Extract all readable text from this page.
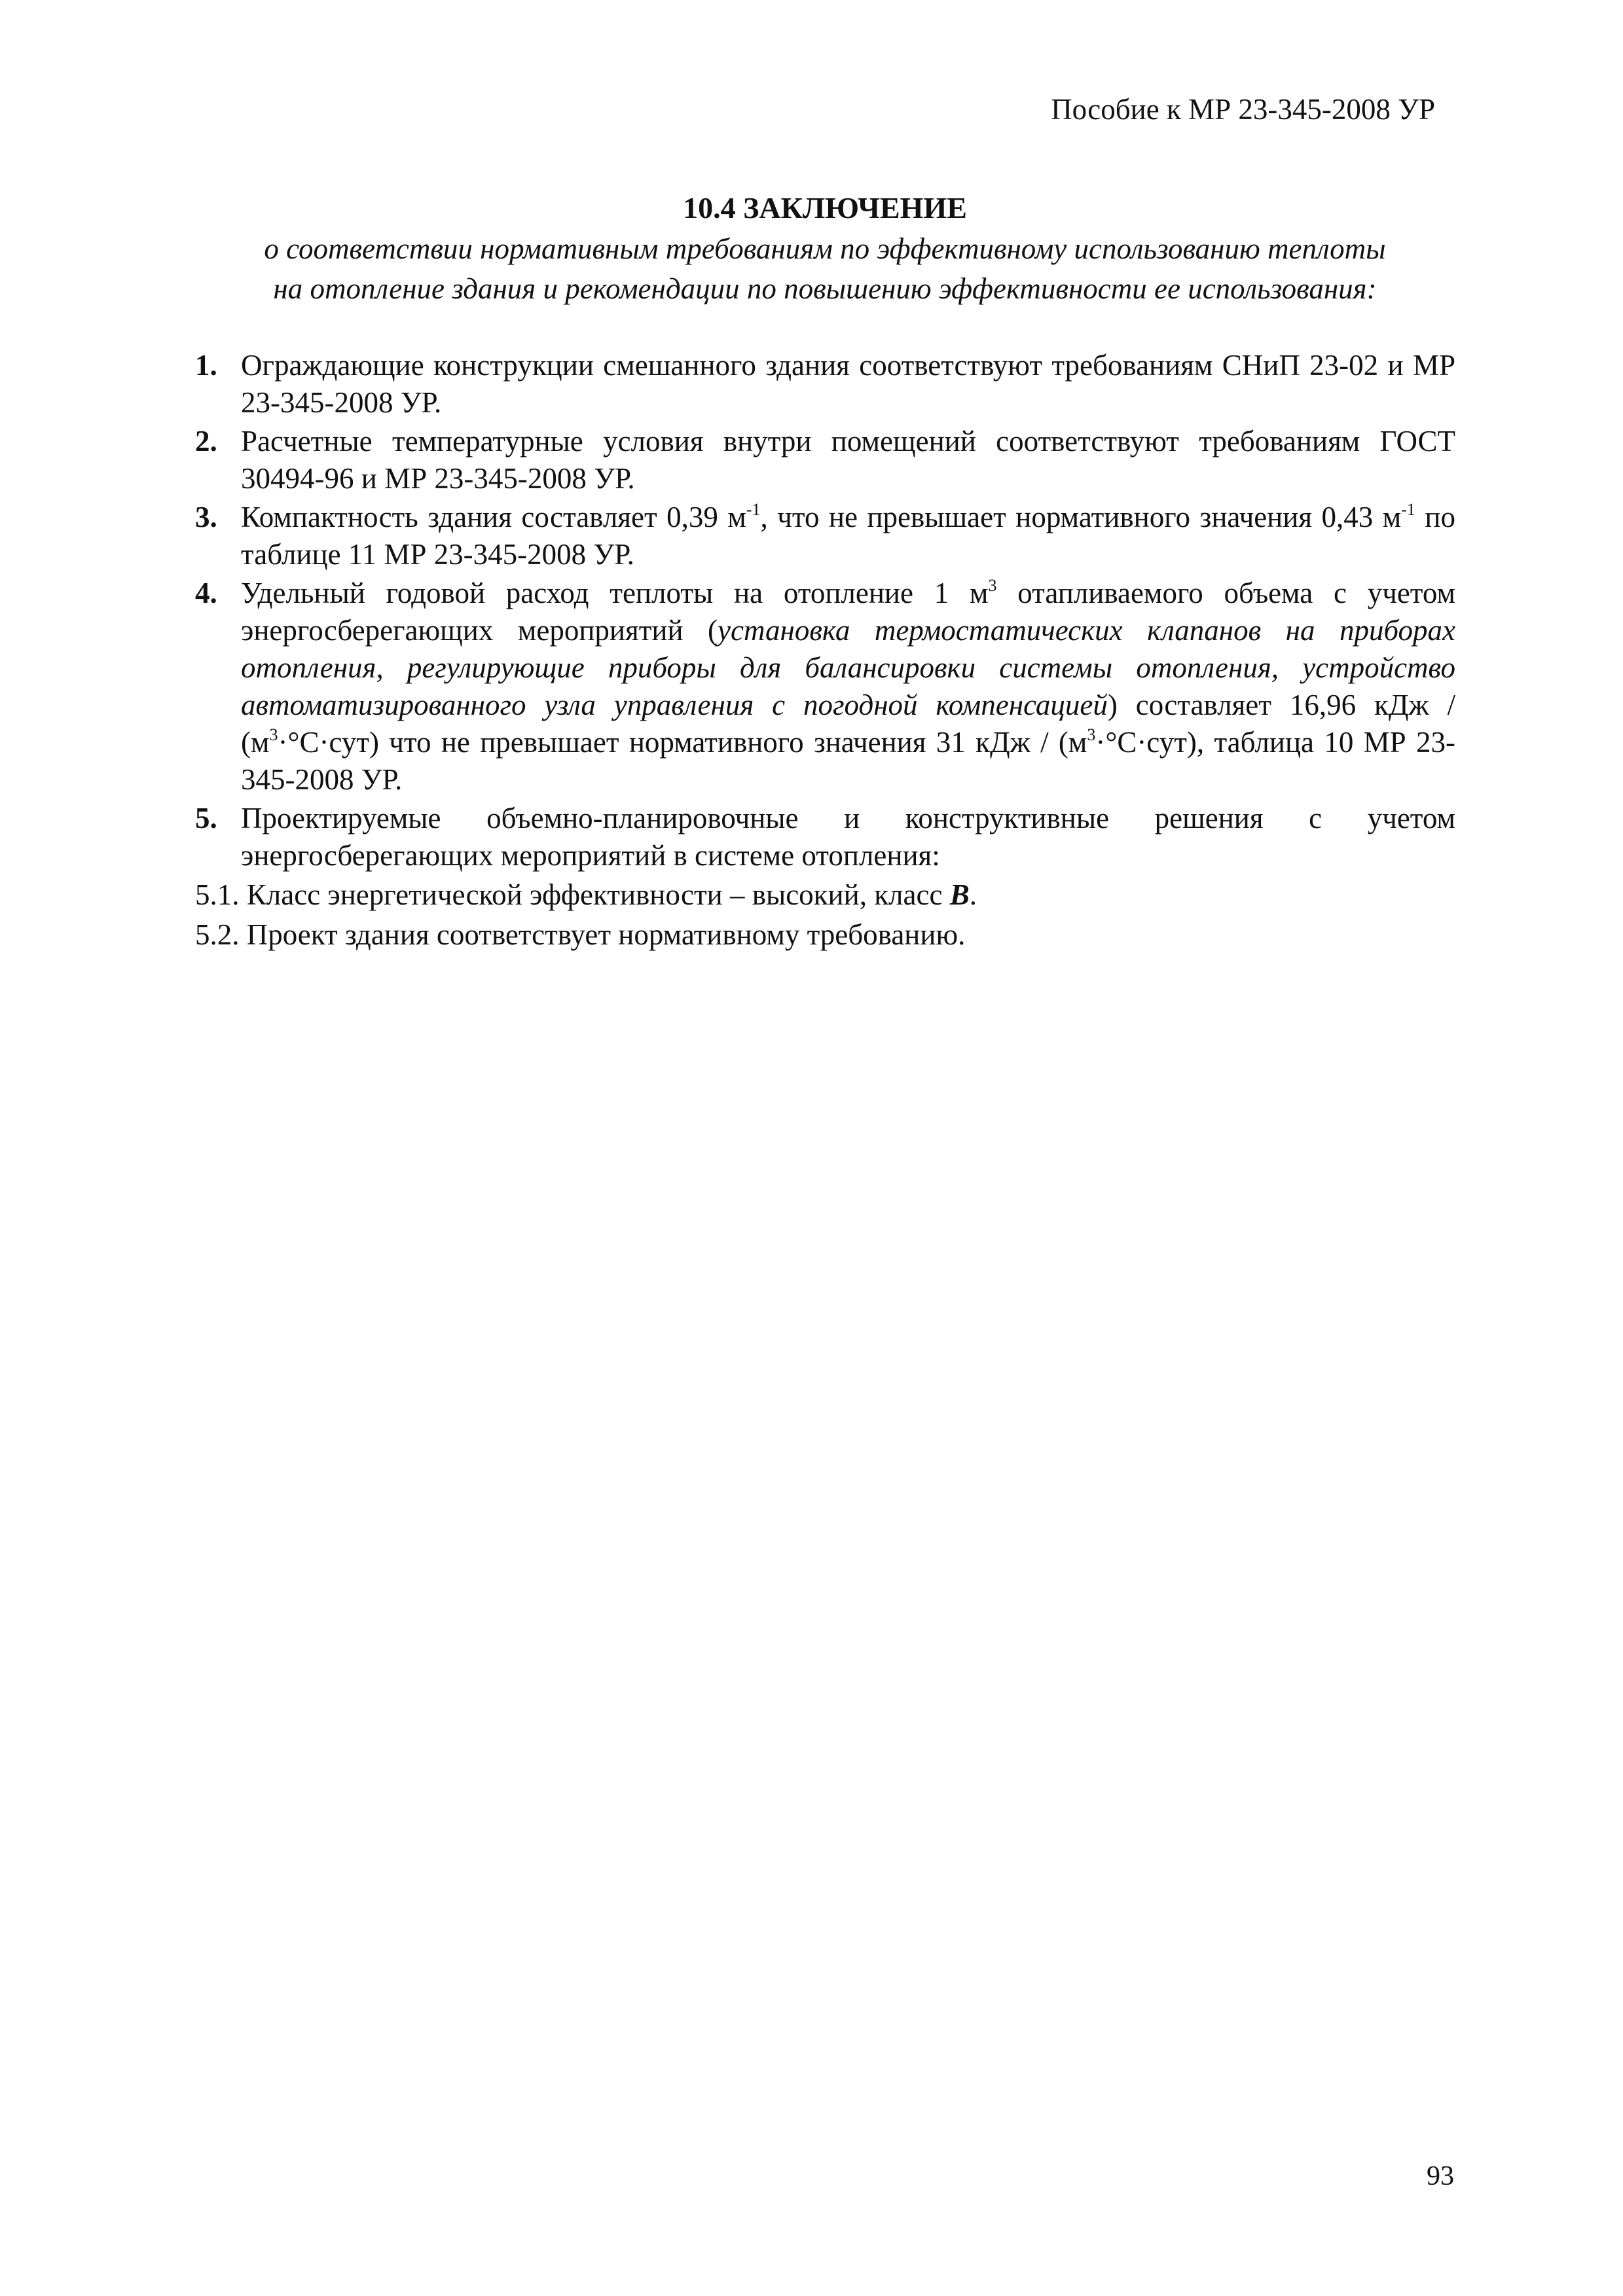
Пособие к МР 23-345-2008 УР
10.4 ЗАКЛЮЧЕНИЕ
о соответствии нормативным требованиям по эффективному использованию теплоты
на отопление здания и рекомендации по повышению эффективности ее использования:
1. Ограждающие конструкции смешанного здания соответствуют требованиям СНиП 23-02 и МР 23-345-2008 УР.
2. Расчетные температурные условия внутри помещений соответствуют требованиям ГОСТ 30494-96 и МР 23-345-2008 УР.
3. Компактность здания составляет 0,39 $м^{-1}$, что не превышает нормативного значения 0,43 $м^{-1}$ по таблице 11 МР 23-345-2008 УР.
4. Удельный годовой расход теплоты на отопление 1 $м^3$ отапливаемого объема с учетом энергосберегающих мероприятий (установка термостатических клапанов на приборах отопления, регулирующие приборы для балансировки системы отопления, устройство автоматизированного узла управления с погодной компенсацией) составляет 16,96 кДж / $(м^3\cdot^\circ С\cdot сут)$ что не превышает нормативного значения 31 кДж / $(м^3\cdot^\circ С\cdot сут)$, таблица 10 МР 23-345-2008 УР.
5. Проектируемые объемно-планировочные и конструктивные решения с учетом энергосберегающих мероприятий в системе отопления:
5.1. Класс энергетической эффективности – высокий, класс В.
5.2. Проект здания соответствует нормативному требованию.
93
